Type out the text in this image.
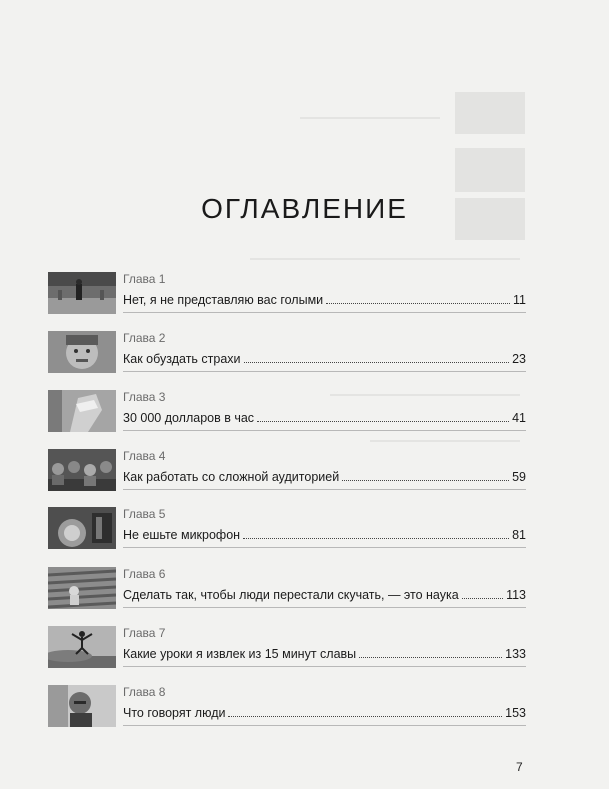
ОГЛАВЛЕНИЕ
Глава 1
Нет, я не представляю вас голыми	11
Глава 2
Как обуздать страхи	23
Глава 3
30 000 долларов в час	41
Глава 4
Как работать со сложной аудиторией	59
Глава 5
Не ешьте микрофон	81
Глава 6
Сделать так, чтобы люди перестали скучать, — это наука	113
Глава 7
Какие уроки я извлек из 15 минут славы	133
Глава 8
Что говорят люди	153
7
